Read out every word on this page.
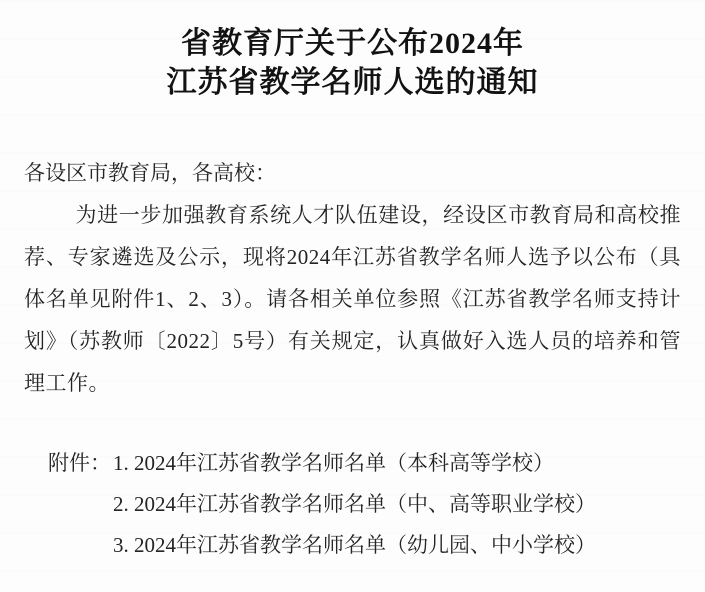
省教育厅关于公布2024年
江苏省教学名师人选的通知
各设区市教育局，各高校：
为进一步加强教育系统人才队伍建设，经设区市教育局和高校推荐、专家遴选及公示，现将2024年江苏省教学名师人选予以公布（具体名单见附件1、2、3）。请各相关单位参照《江苏省教学名师支持计划》（苏教师〔2022〕5号）有关规定，认真做好入选人员的培养和管理工作。
附件： 1. 2024年江苏省教学名师名单（本科高等学校）
2. 2024年江苏省教学名师名单（中、高等职业学校）
3. 2024年江苏省教学名师名单（幼儿园、中小学校）
